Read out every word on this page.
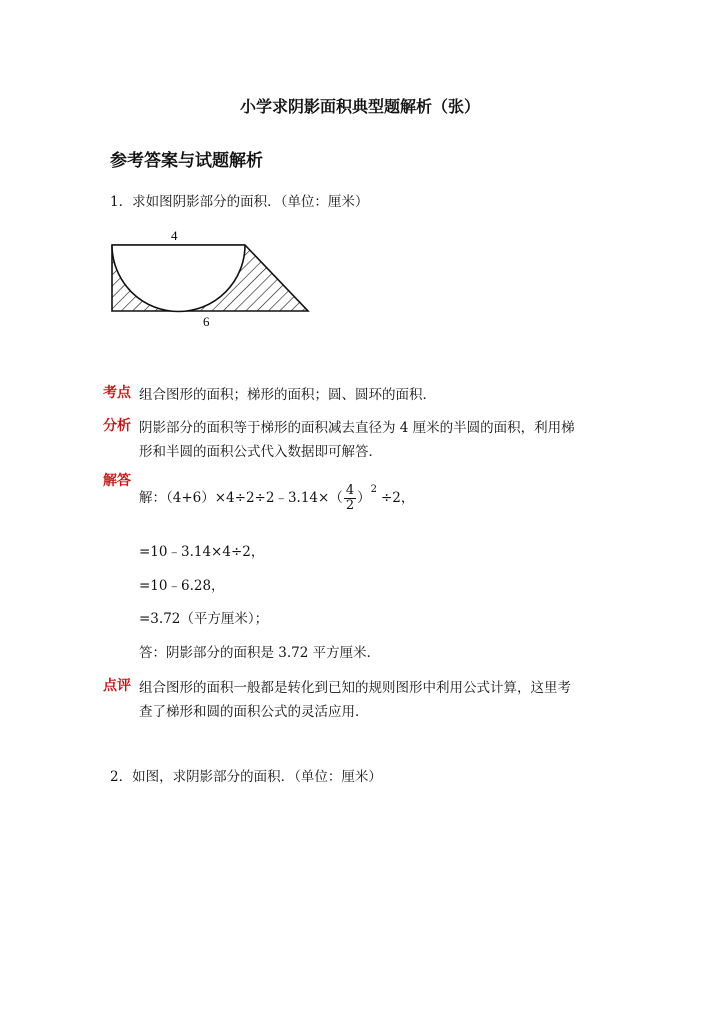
小学求阴影面积典型题解析（张）
参考答案与试题解析
1．求如图阴影部分的面积．（单位：厘米）
4
6
考点 组合图形的面积；梯形的面积；圆、圆环的面积．
分析 阴影部分的面积等于梯形的面积减去直径为 4 厘米的半圆的面积，利用梯
形和半圆的面积公式代入数据即可解答．
解答
解：（4+6）×4÷2÷2﹣3.14×（ $\frac{4}{2} )^2\div 2$，
=10﹣3.14×4÷2，
=10﹣6.28，
=3.72（平方厘米）；
答：阴影部分的面积是 3.72 平方厘米．
点评 组合图形的面积一般都是转化到已知的规则图形中利用公式计算，这里考
查了梯形和圆的面积公式的灵活应用．
2．如图，求阴影部分的面积．（单位：厘米）
